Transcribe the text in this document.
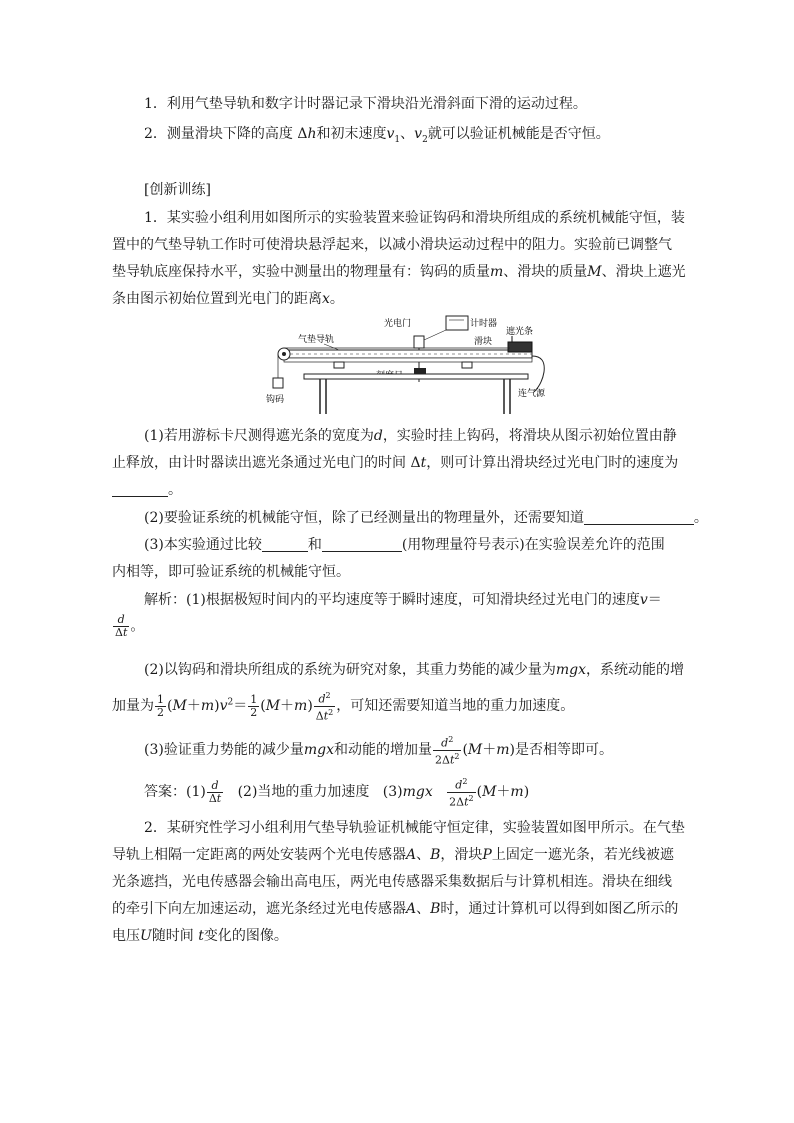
1．利用气垫导轨和数字计时器记录下滑块沿光滑斜面下滑的运动过程。
2．测量滑块下降的高度 Δh和初末速度$v_1$、$v_2$就可以验证机械能是否守恒。
[创新训练]
1．某实验小组利用如图所示的实验装置来验证钩码和滑块所组成的系统机械能守恒，装
置中的气垫导轨工作时可使滑块悬浮起来，以减小滑块运动过程中的阻力。实验前已调整气
垫导轨底座保持水平，实验中测量出的物理量有：钩码的质量m、滑块的质量M、滑块上遮光
条由图示初始位置到光电门的距离x。
光电门	计时器
遮光条
气垫导轨	滑块
钩码
连气源
(1)若用游标卡尺测得遮光条的宽度为d，实验时挂上钩码，将滑块从图示初始位置由静
止释放，由计时器读出遮光条通过光电门的时间 Δt，则可计算出滑块经过光电门时的速度为
。
(2)要验证系统的机械能守恒，除了已经测量出的物理量外，还需要知道	。
(3)本实验通过比较	和	(用物理量符号表示)在实验误差允许的范围
内相等，即可验证系统的机械能守恒。
解析：(1)根据极短时间内的平均速度等于瞬时速度，可知滑块经过光电门的速度v＝
$\frac{d}{\Delta t}$ 。
(2)以钩码和滑块所组成的系统为研究对象，其重力势能的减少量为mgx，系统动能的增
加量为 $\frac{1}{2} (M+m)v^2= \frac{1}{2} (M+m) \frac{d^2}{\Delta t^2}$ ，可知还需要知道当地的重力加速度。
(3)验证重力势能的减少量mgx和动能的增加量 $\frac{d^2}{2\Delta t^2} (M+m)$是否相等即可。
答案：$(1) \frac{d}{\Delta t} (2)$当地的重力加速度 $(3)mgx \frac{d^2}{2\Delta t^2} (M+m)$
2．某研究性学习小组利用气垫导轨验证机械能守恒定律，实验装置如图甲所示。在气垫
导轨上相隔一定距离的两处安装两个光电传感器A、B，滑块P上固定一遮光条，若光线被遮
光条遮挡，光电传感器会输出高电压，两光电传感器采集数据后与计算机相连。滑块在细线
的牵引下向左加速运动，遮光条经过光电传感器A、B时，通过计算机可以得到如图乙所示的
电压U随时间 t变化的图像。
